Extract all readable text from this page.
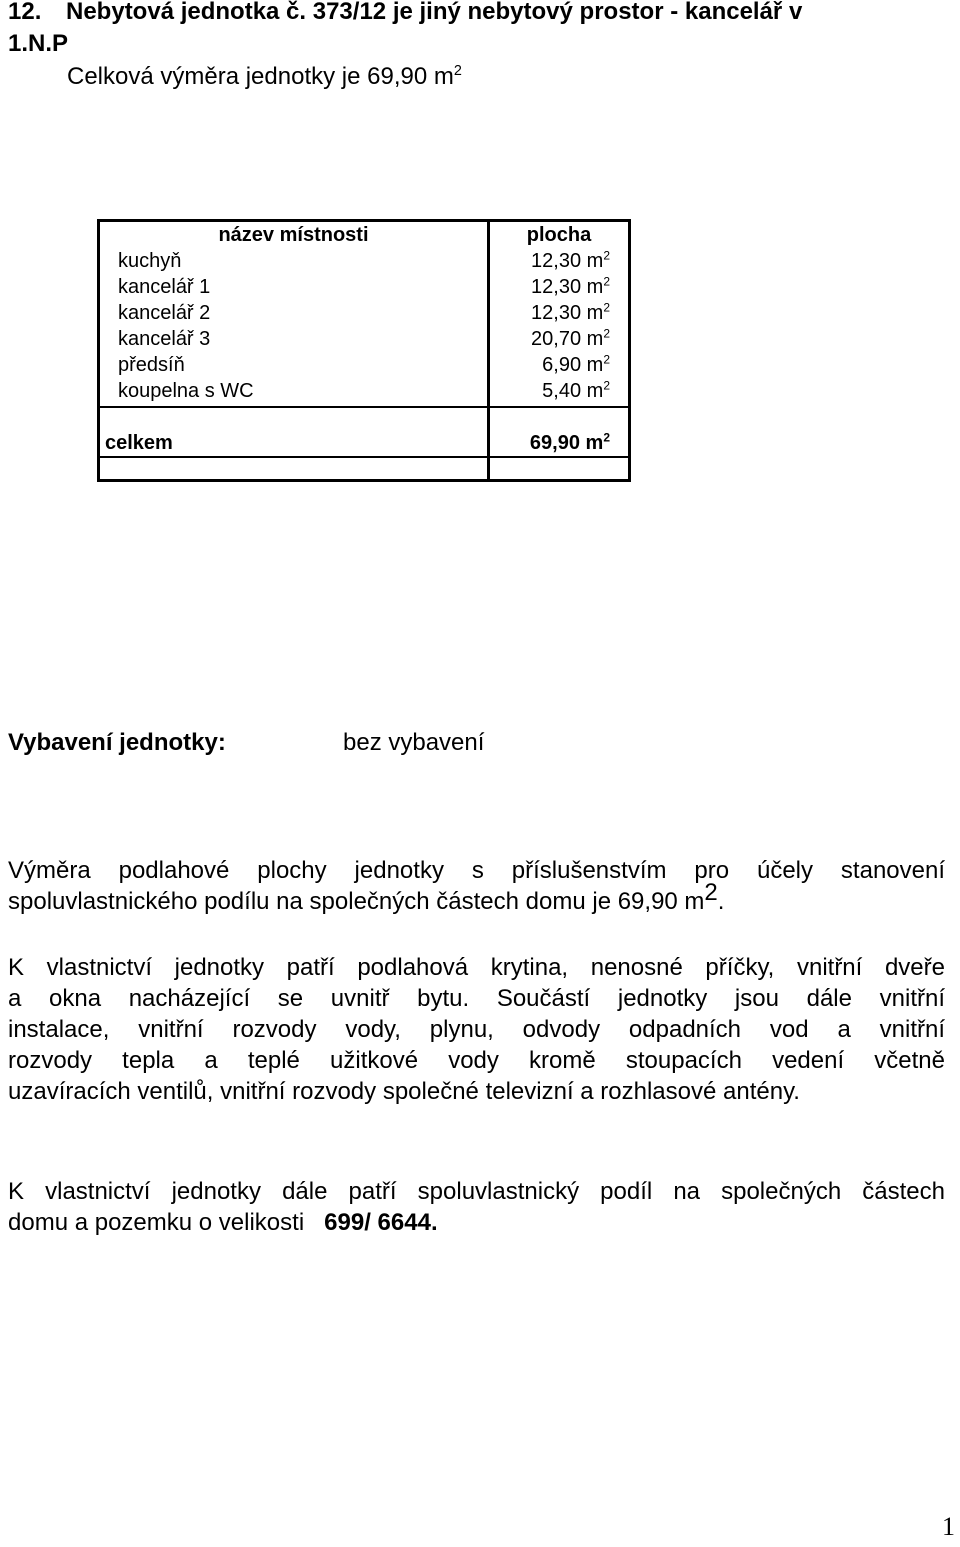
12. Nebytová jednotka č. 373/12 je jiný nebytový prostor - kancelář v
1.N.P
Celková výměra jednotky je 69,90 $m^2$
název místnosti	plocha
kuchyň	12,30 $m^2$
kancelář 1	12,30 $m^2$
kancelář 2	12,30 $m^2$
kancelář 3	20,70 $m^2$
předsíň	6,90 $m^2$
koupelna s WC	5,40 $m^2$
celkem	69,90 $m^2$
Vybavení jednotky:	bez vybavení
Výměra podlahové plochy jednotky s příslušenstvím pro účely stanovení
spoluvlastnického podílu na společných částech domu je 69,90 $m^2$.
K vlastnictví jednotky patří podlahová krytina, nenosné příčky, vnitřní dveře
a okna nacházející se uvnitř bytu. Součástí jednotky jsou dále vnitřní
instalace, vnitřní rozvody vody, plynu, odvody odpadních vod a vnitřní
rozvody tepla a teplé užitkové vody kromě stoupacích vedení včetně
uzavíracích ventilů, vnitřní rozvody společné televizní a rozhlasové antény.
K vlastnictví jednotky dále patří spoluvlastnický podíl na společných částech
domu a pozemku o velikosti 699/ 6644.
1
